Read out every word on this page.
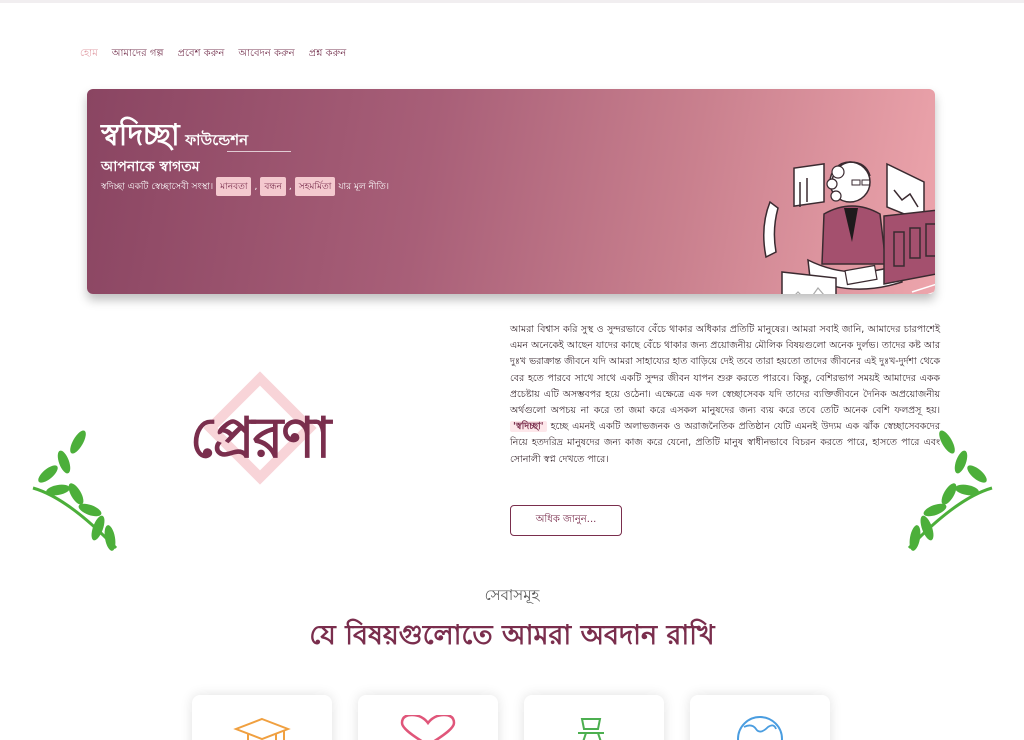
হোম আমাদের গল্প প্রবেশ করুন আবেদন করুন প্রশ্ন করুন
স্বদিচ্ছা ফাউন্ডেশন
আপনাকে স্বাগতম
স্বদিচ্ছা একটি স্বেচ্ছাসেবী সংস্থা। মানবতা , বন্ধন , সহমর্মিতা যার মূল নীতি।
প্রেরণা

আমরা বিশ্বাস করি সুস্থ ও সুন্দরভাবে বেঁচে থাকার অধিকার প্রতিটি মানুষের। আমরা সবাই জানি, আমাদের চারপাশেই এমন অনেকেই আছেন যাদের কাছে বেঁচে থাকার জন্য প্রয়োজনীয় মৌলিক বিষয়গুলো অনেক দুর্লভ। তাদের কষ্ট আর দুঃখ ভরাক্রান্ত জীবনে যদি আমরা সাহায্যের হাত বাড়িয়ে দেই তবে তারা হয়তো তাদের জীবনের এই দুঃখ-দুর্দশা থেকে বের হতে পারবে সাথে সাথে একটি সুন্দর জীবন যাপন শুরু করতে পারবে। কিন্তু, বেশিরভাগ সময়ই আমাদের একক প্রচেষ্টায় এটি অসম্ভবপর হয়ে ওঠেনা। এক্ষেত্রে এক দল স্বেচ্ছাসেবক যদি তাদের ব্যক্তিজীবনে দৈনিক অপ্রয়োজনীয় অর্থগুলো অপচয় না করে তা জমা করে এসকল মানুষদের জন্য ব্যয় করে তবে তেটি অনেক বেশি ফলপ্রসূ হয়। 'স্বদিচ্ছা' হচ্ছে এমনই একটি অলাভজনক ও অরাজনৈতিক প্রতিষ্ঠান যেটি এমনই উদ্যম এক ঝাঁক স্বেচ্ছাসেবকদের নিয়ে হতদরিদ্র মানুষদের জন্য কাজ করে যেনো, প্রতিটি মানুষ স্বাধীনভাবে বিচরন করতে পারে, হাসতে পারে এবং সোনালী স্বপ্ন দেখতে পারে।

অধিক জানুন...
সেবাসমূহ
যে বিষয়গুলোতে আমরা অবদান রাখি
